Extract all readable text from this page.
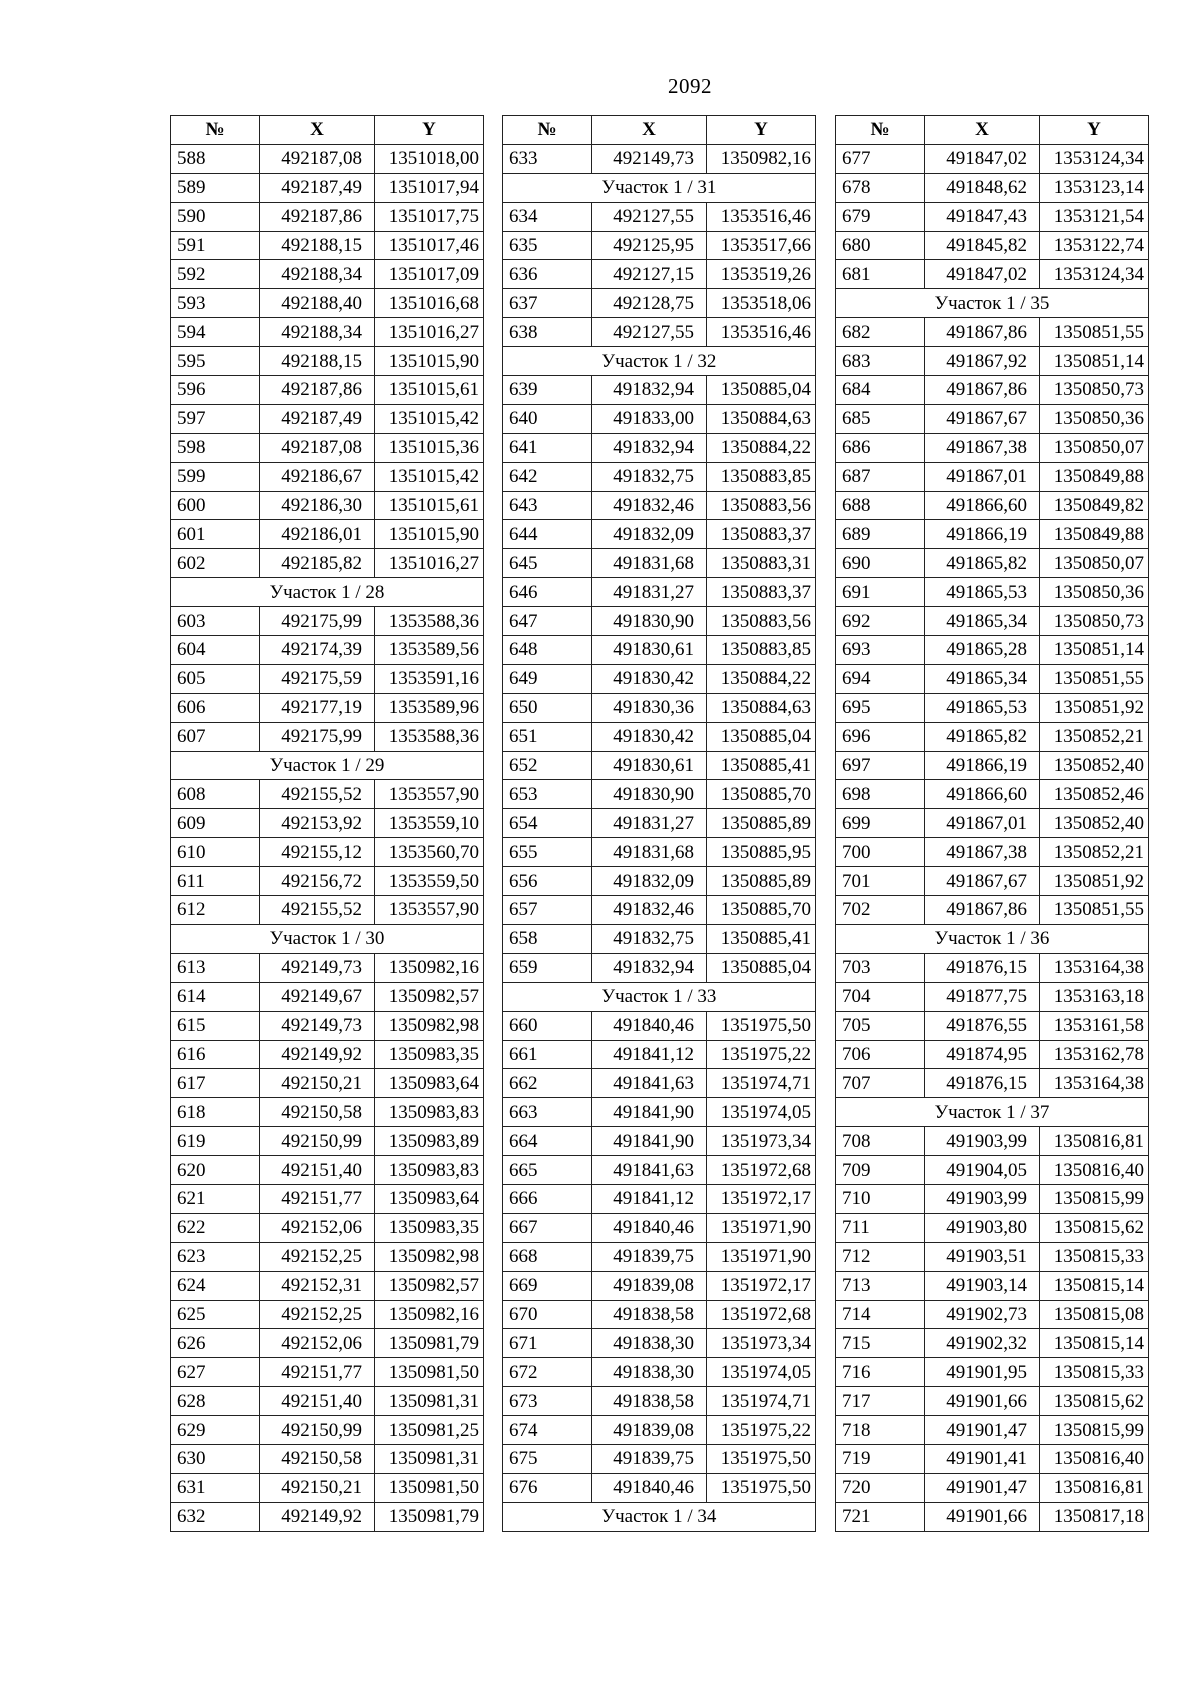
2092
№	X	Y
588	492187,08	1351018,00
589	492187,49	1351017,94
590	492187,86	1351017,75
591	492188,15	1351017,46
592	492188,34	1351017,09
593	492188,40	1351016,68
594	492188,34	1351016,27
595	492188,15	1351015,90
596	492187,86	1351015,61
597	492187,49	1351015,42
598	492187,08	1351015,36
599	492186,67	1351015,42
600	492186,30	1351015,61
601	492186,01	1351015,90
602	492185,82	1351016,27
Участок 1 / 28		
603	492175,99	1353588,36
604	492174,39	1353589,56
605	492175,59	1353591,16
606	492177,19	1353589,96
607	492175,99	1353588,36
Участок 1 / 29		
608	492155,52	1353557,90
609	492153,92	1353559,10
610	492155,12	1353560,70
611	492156,72	1353559,50
612	492155,52	1353557,90
Участок 1 / 30		
613	492149,73	1350982,16
614	492149,67	1350982,57
615	492149,73	1350982,98
616	492149,92	1350983,35
617	492150,21	1350983,64
618	492150,58	1350983,83
619	492150,99	1350983,89
620	492151,40	1350983,83
621	492151,77	1350983,64
622	492152,06	1350983,35
623	492152,25	1350982,98
624	492152,31	1350982,57
625	492152,25	1350982,16
626	492152,06	1350981,79
627	492151,77	1350981,50
628	492151,40	1350981,31
629	492150,99	1350981,25
630	492150,58	1350981,31
631	492150,21	1350981,50
632	492149,92	1350981,79
№	X	Y
633	492149,73	1350982,16
Участок 1 / 31		
634	492127,55	1353516,46
635	492125,95	1353517,66
636	492127,15	1353519,26
637	492128,75	1353518,06
638	492127,55	1353516,46
Участок 1 / 32		
639	491832,94	1350885,04
640	491833,00	1350884,63
641	491832,94	1350884,22
642	491832,75	1350883,85
643	491832,46	1350883,56
644	491832,09	1350883,37
645	491831,68	1350883,31
646	491831,27	1350883,37
647	491830,90	1350883,56
648	491830,61	1350883,85
649	491830,42	1350884,22
650	491830,36	1350884,63
651	491830,42	1350885,04
652	491830,61	1350885,41
653	491830,90	1350885,70
654	491831,27	1350885,89
655	491831,68	1350885,95
656	491832,09	1350885,89
657	491832,46	1350885,70
658	491832,75	1350885,41
659	491832,94	1350885,04
Участок 1 / 33		
660	491840,46	1351975,50
661	491841,12	1351975,22
662	491841,63	1351974,71
663	491841,90	1351974,05
664	491841,90	1351973,34
665	491841,63	1351972,68
666	491841,12	1351972,17
667	491840,46	1351971,90
668	491839,75	1351971,90
669	491839,08	1351972,17
670	491838,58	1351972,68
671	491838,30	1351973,34
672	491838,30	1351974,05
673	491838,58	1351974,71
674	491839,08	1351975,22
675	491839,75	1351975,50
676	491840,46	1351975,50
Участок 1 / 34		
№	X	Y
677	491847,02	1353124,34
678	491848,62	1353123,14
679	491847,43	1353121,54
680	491845,82	1353122,74
681	491847,02	1353124,34
Участок 1 / 35		
682	491867,86	1350851,55
683	491867,92	1350851,14
684	491867,86	1350850,73
685	491867,67	1350850,36
686	491867,38	1350850,07
687	491867,01	1350849,88
688	491866,60	1350849,82
689	491866,19	1350849,88
690	491865,82	1350850,07
691	491865,53	1350850,36
692	491865,34	1350850,73
693	491865,28	1350851,14
694	491865,34	1350851,55
695	491865,53	1350851,92
696	491865,82	1350852,21
697	491866,19	1350852,40
698	491866,60	1350852,46
699	491867,01	1350852,40
700	491867,38	1350852,21
701	491867,67	1350851,92
702	491867,86	1350851,55
Участок 1 / 36		
703	491876,15	1353164,38
704	491877,75	1353163,18
705	491876,55	1353161,58
706	491874,95	1353162,78
707	491876,15	1353164,38
Участок 1 / 37		
708	491903,99	1350816,81
709	491904,05	1350816,40
710	491903,99	1350815,99
711	491903,80	1350815,62
712	491903,51	1350815,33
713	491903,14	1350815,14
714	491902,73	1350815,08
715	491902,32	1350815,14
716	491901,95	1350815,33
717	491901,66	1350815,62
718	491901,47	1350815,99
719	491901,41	1350816,40
720	491901,47	1350816,81
721	491901,66	1350817,18
